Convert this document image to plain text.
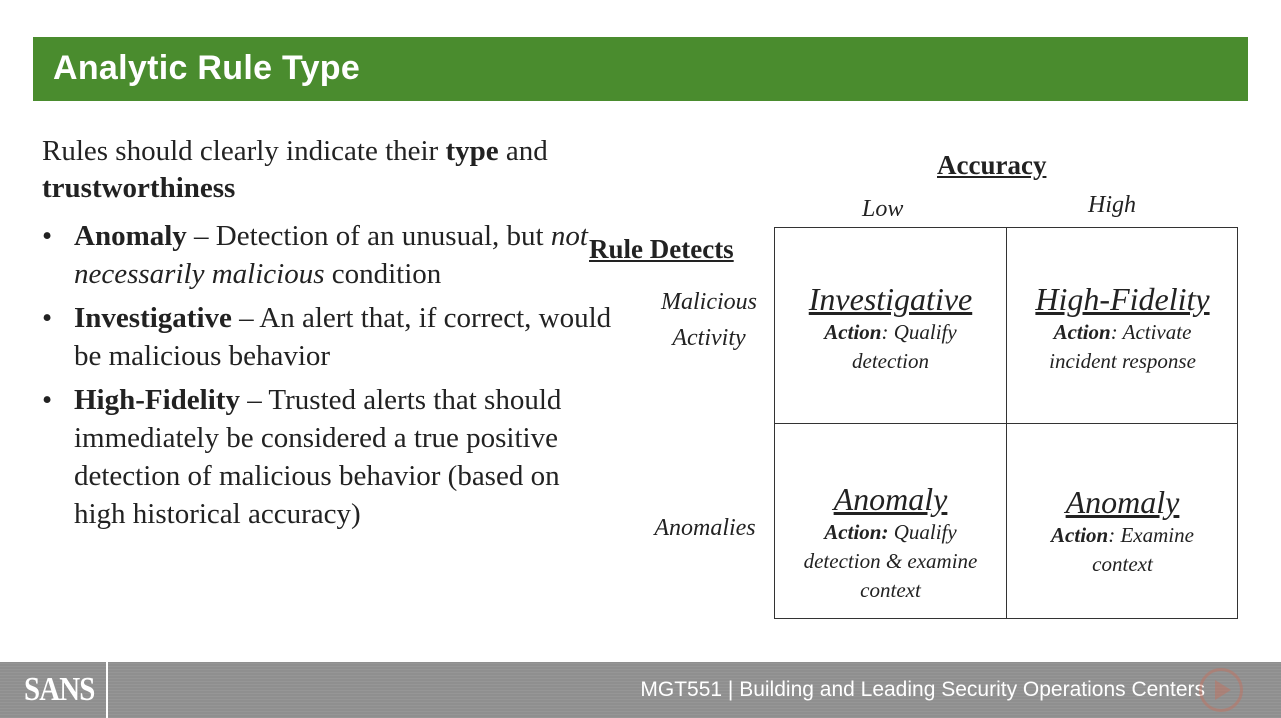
Analytic Rule Type

Rules should clearly indicate their type and trustworthiness

• Anomaly – Detection of an unusual, but not necessarily malicious condition
• Investigative – An alert that, if correct, would be malicious behavior
• High-Fidelity – Trusted alerts that should immediately be considered a true positive detection of malicious behavior (based on high historical accuracy)
Accuracy
Low	High
Rule Detects
Malicious
Activity
Anomalies
Investigative
Action: Qualify detection
High-Fidelity
Action: Activate incident response
Anomaly
Action: Qualify detection & examine context
Anomaly
Action: Examine context
SANS	MGT551 | Building and Leading Security Operations Centers
